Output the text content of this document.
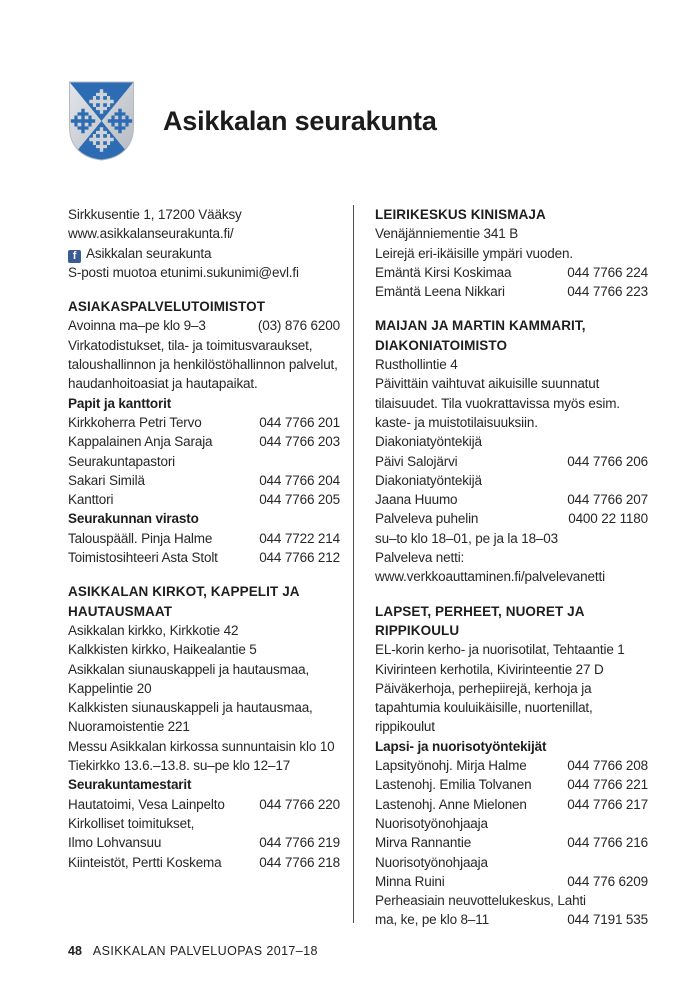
Asikkalan seurakunta
Sirkkusentie 1, 17200 Vääksy
www.asikkalanseurakunta.fi/
f Asikkalan seurakunta
S-posti muotoa etunimi.sukunimi@evl.fi
ASIAKASPALVELUTOIMISTOT
Avoinna ma–pe klo 9–3	(03) 876 6200
Virkatodistukset, tila- ja toimitusvaraukset, taloushallinnon ja henkilöstöhallinnon palvelut, haudanhoitoasiat ja hautapaikat.
Papit ja kanttorit
Kirkkoherra Petri Tervo	044 7766 201
Kappalainen Anja Saraja	044 7766 203
Seurakuntapastori
Sakari Similä	044 7766 204
Kanttori	044 7766 205
Seurakunnan virasto
Talouspääll. Pinja Halme	044 7722 214
Toimistosihteeri Asta Stolt	044 7766 212
ASIKKALAN KIRKOT, KAPPELIT JA HAUTAUSMAAT
Asikkalan kirkko, Kirkkotie 42
Kalkkisten kirkko, Haikealantie 5
Asikkalan siunauskappeli ja hautausmaa, Kappelintie 20
Kalkkisten siunauskappeli ja hautausmaa, Nuoramoistentie 221
Messu Asikkalan kirkossa sunnuntaisin klo 10
Tiekirkko 13.6.–13.8. su–pe klo 12–17
Seurakuntamestarit
Hautatoimi, Vesa Lainpelto	044 7766 220
Kirkolliset toimitukset,
Ilmo Lohvansuu	044 7766 219
Kiinteistöt, Pertti Koskema	044 7766 218
LEIRIKESKUS KINISMAJA
Venäjänniementie 341 B
Leirejä eri-ikäisille ympäri vuoden.
Emäntä Kirsi Koskimaa	044 7766 224
Emäntä Leena Nikkari	044 7766 223
MAIJAN JA MARTIN KAMMARIT, DIAKONIATOIMISTO
Rusthollintie 4
Päivittäin vaihtuvat aikuisille suunnatut tilaisuudet. Tila vuokrattavissa myös esim. kaste- ja muistotilaisuuksiin.
Diakoniatyöntekijä
Päivi Salojärvi	044 7766 206
Diakoniatyöntekijä
Jaana Huumo	044 7766 207
Palveleva puhelin	0400 22 1180
su–to klo 18–01, pe ja la 18–03
Palveleva netti: www.verkkoauttaminen.fi/palvelevanetti
LAPSET, PERHEET, NUORET JA RIPPIKOULU
EL-korin kerho- ja nuorisotilat, Tehtaantie 1
Kivirinteen kerhotila, Kivirinteentie 27 D
Päiväkerhoja, perhepiirejä, kerhoja ja tapahtumia kouluikäisille, nuortenillat, rippikoulut
Lapsi- ja nuorisotyöntekijät
Lapsityönohj. Mirja Halme	044 7766 208
Lastenohj. Emilia Tolvanen	044 7766 221
Lastenohj. Anne Mielonen	044 7766 217
Nuorisotyönohjaaja
Mirva Rannantie	044 7766 216
Nuorisotyönohjaaja
Minna Ruini	044 776 6209
Perheasiain neuvottelukeskus, Lahti
ma, ke, pe klo 8–11	044 7191 535
48 ASIKKALAN PALVELUOPAS 2017–18
